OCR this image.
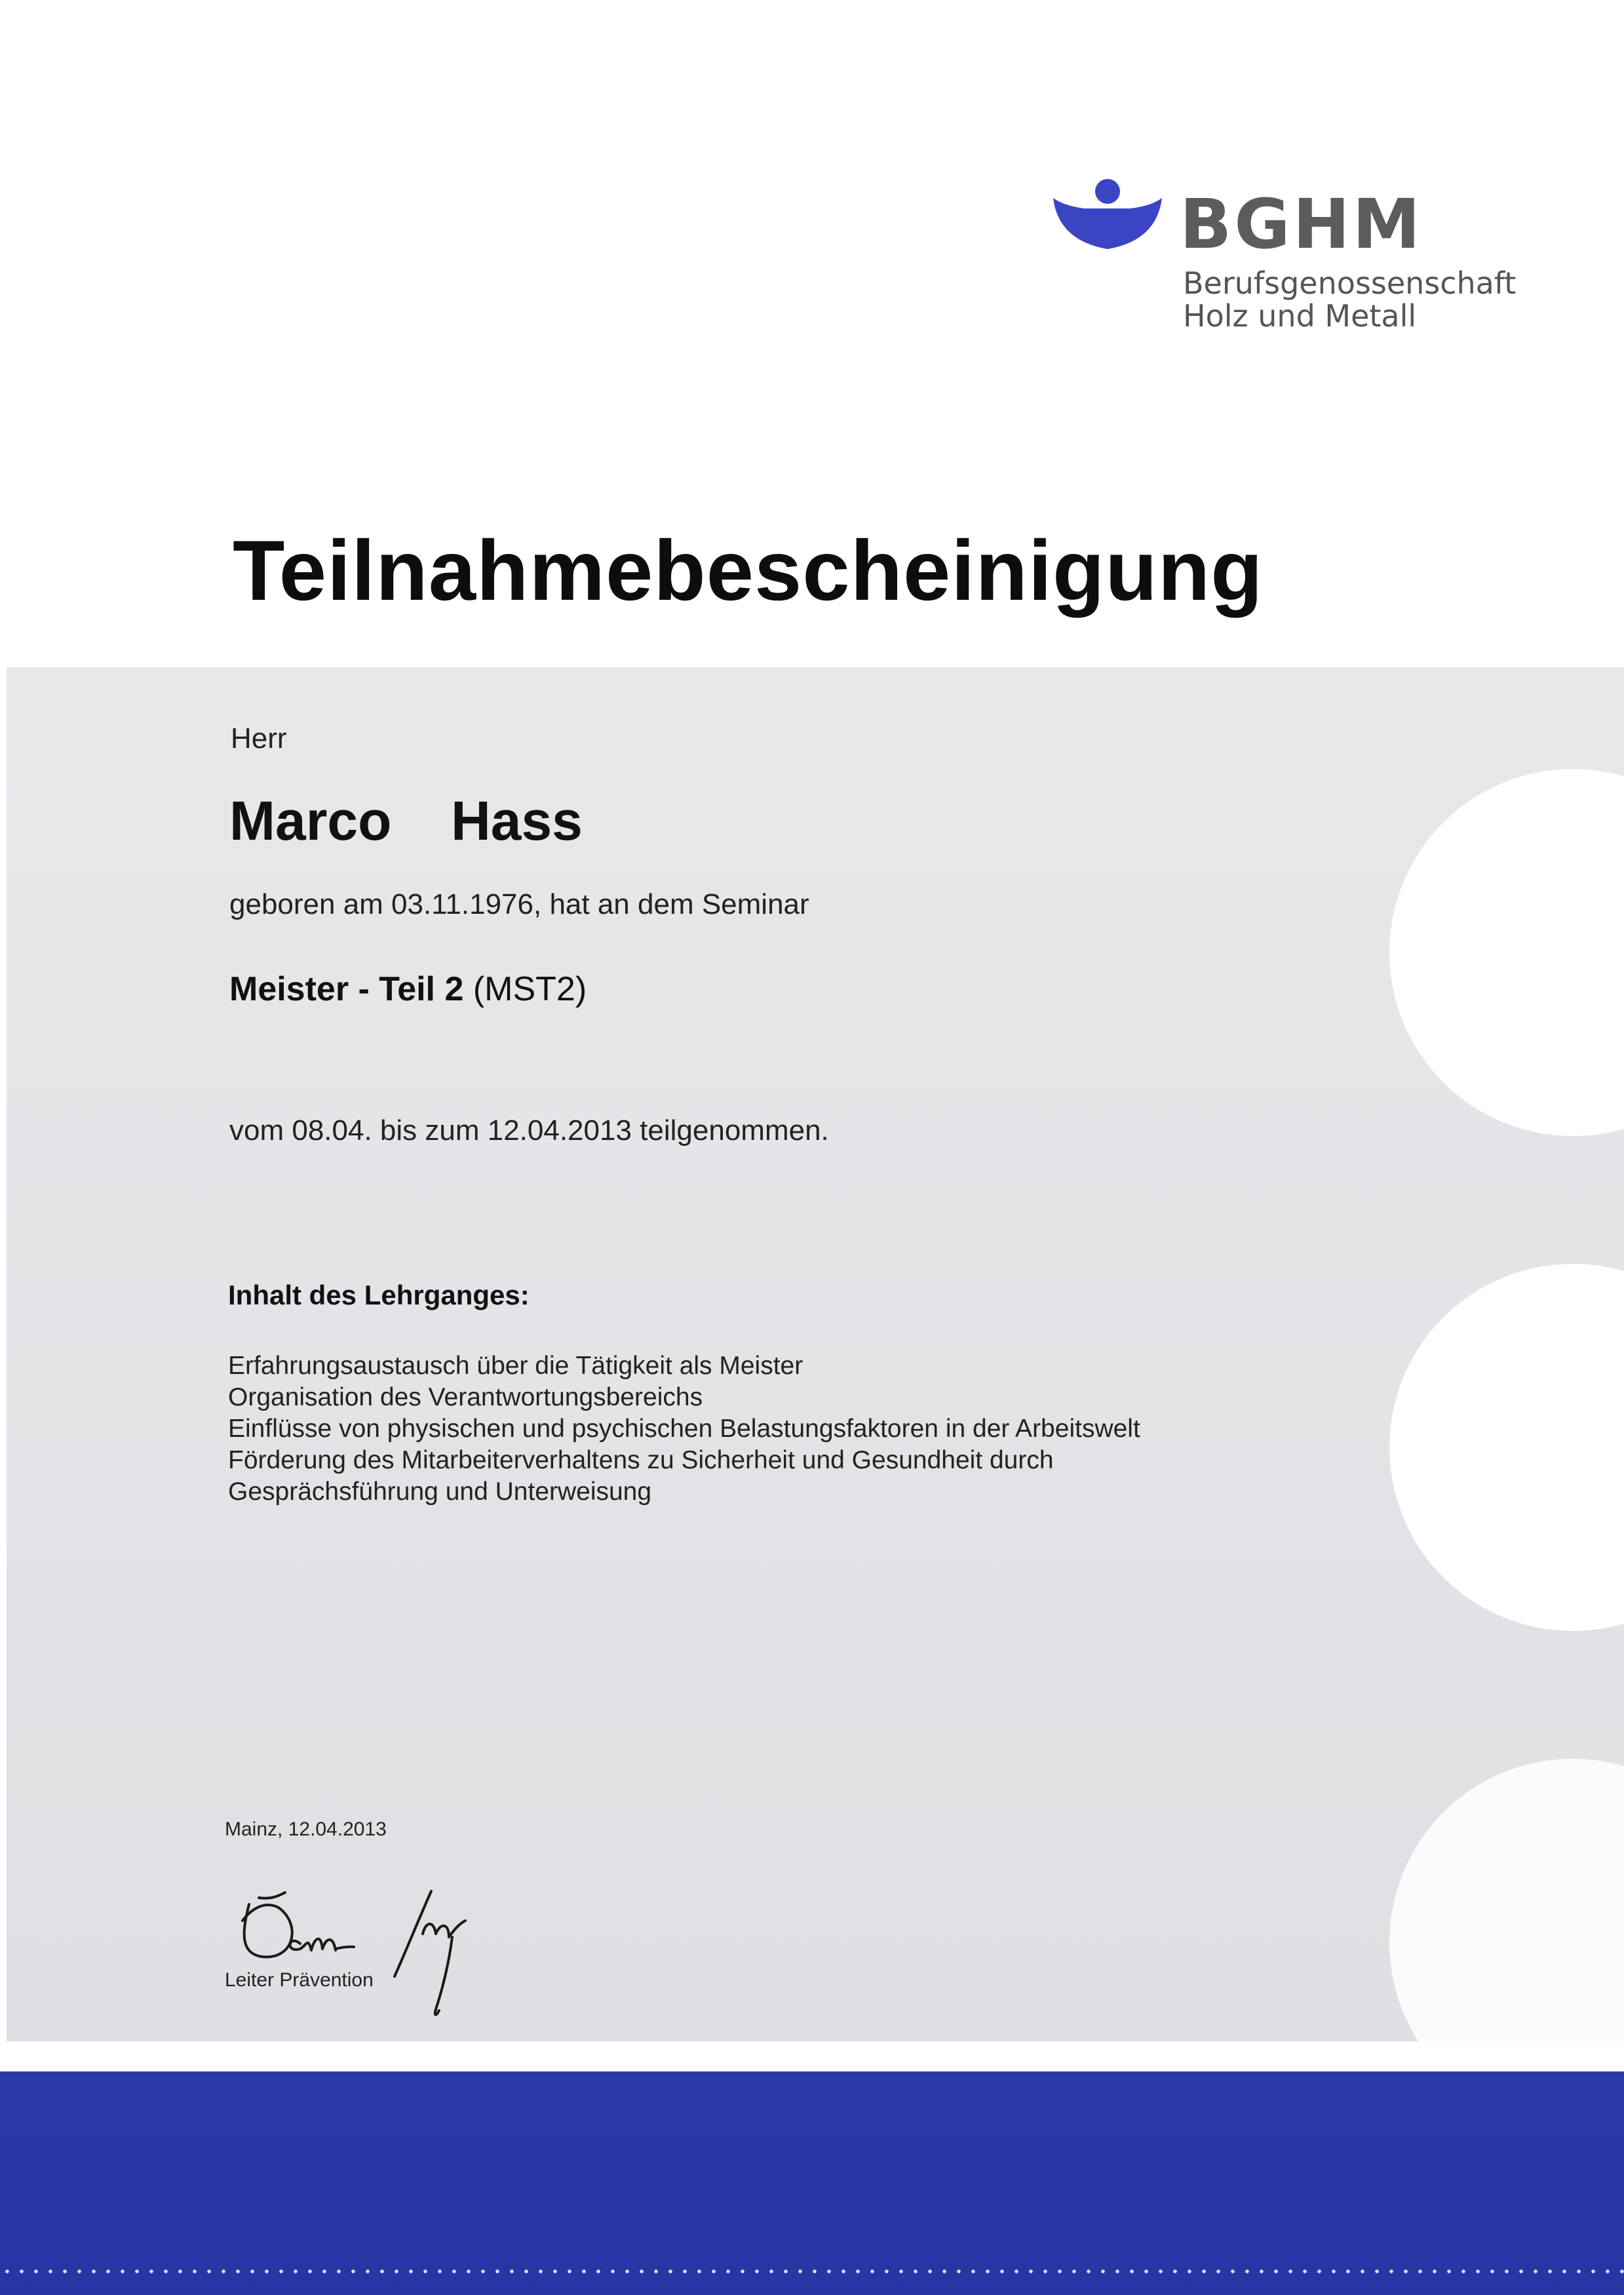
BGHM
Berufsgenossenschaft
Holz und Metall
Teilnahmebescheinigung
Herr
Marco  Hass
geboren am 03.11.1976, hat an dem Seminar
Meister - Teil 2 (MST2)
vom 08.04. bis zum 12.04.2013 teilgenommen.
Inhalt des Lehrganges:
Erfahrungsaustausch über die Tätigkeit als Meister
Organisation des Verantwortungsbereichs
Einflüsse von physischen und psychischen Belastungsfaktoren in der Arbeitswelt
Förderung des Mitarbeiterverhaltens zu Sicherheit und Gesundheit durch
Gesprächsführung und Unterweisung
Mainz, 12.04.2013
Leiter Prävention
